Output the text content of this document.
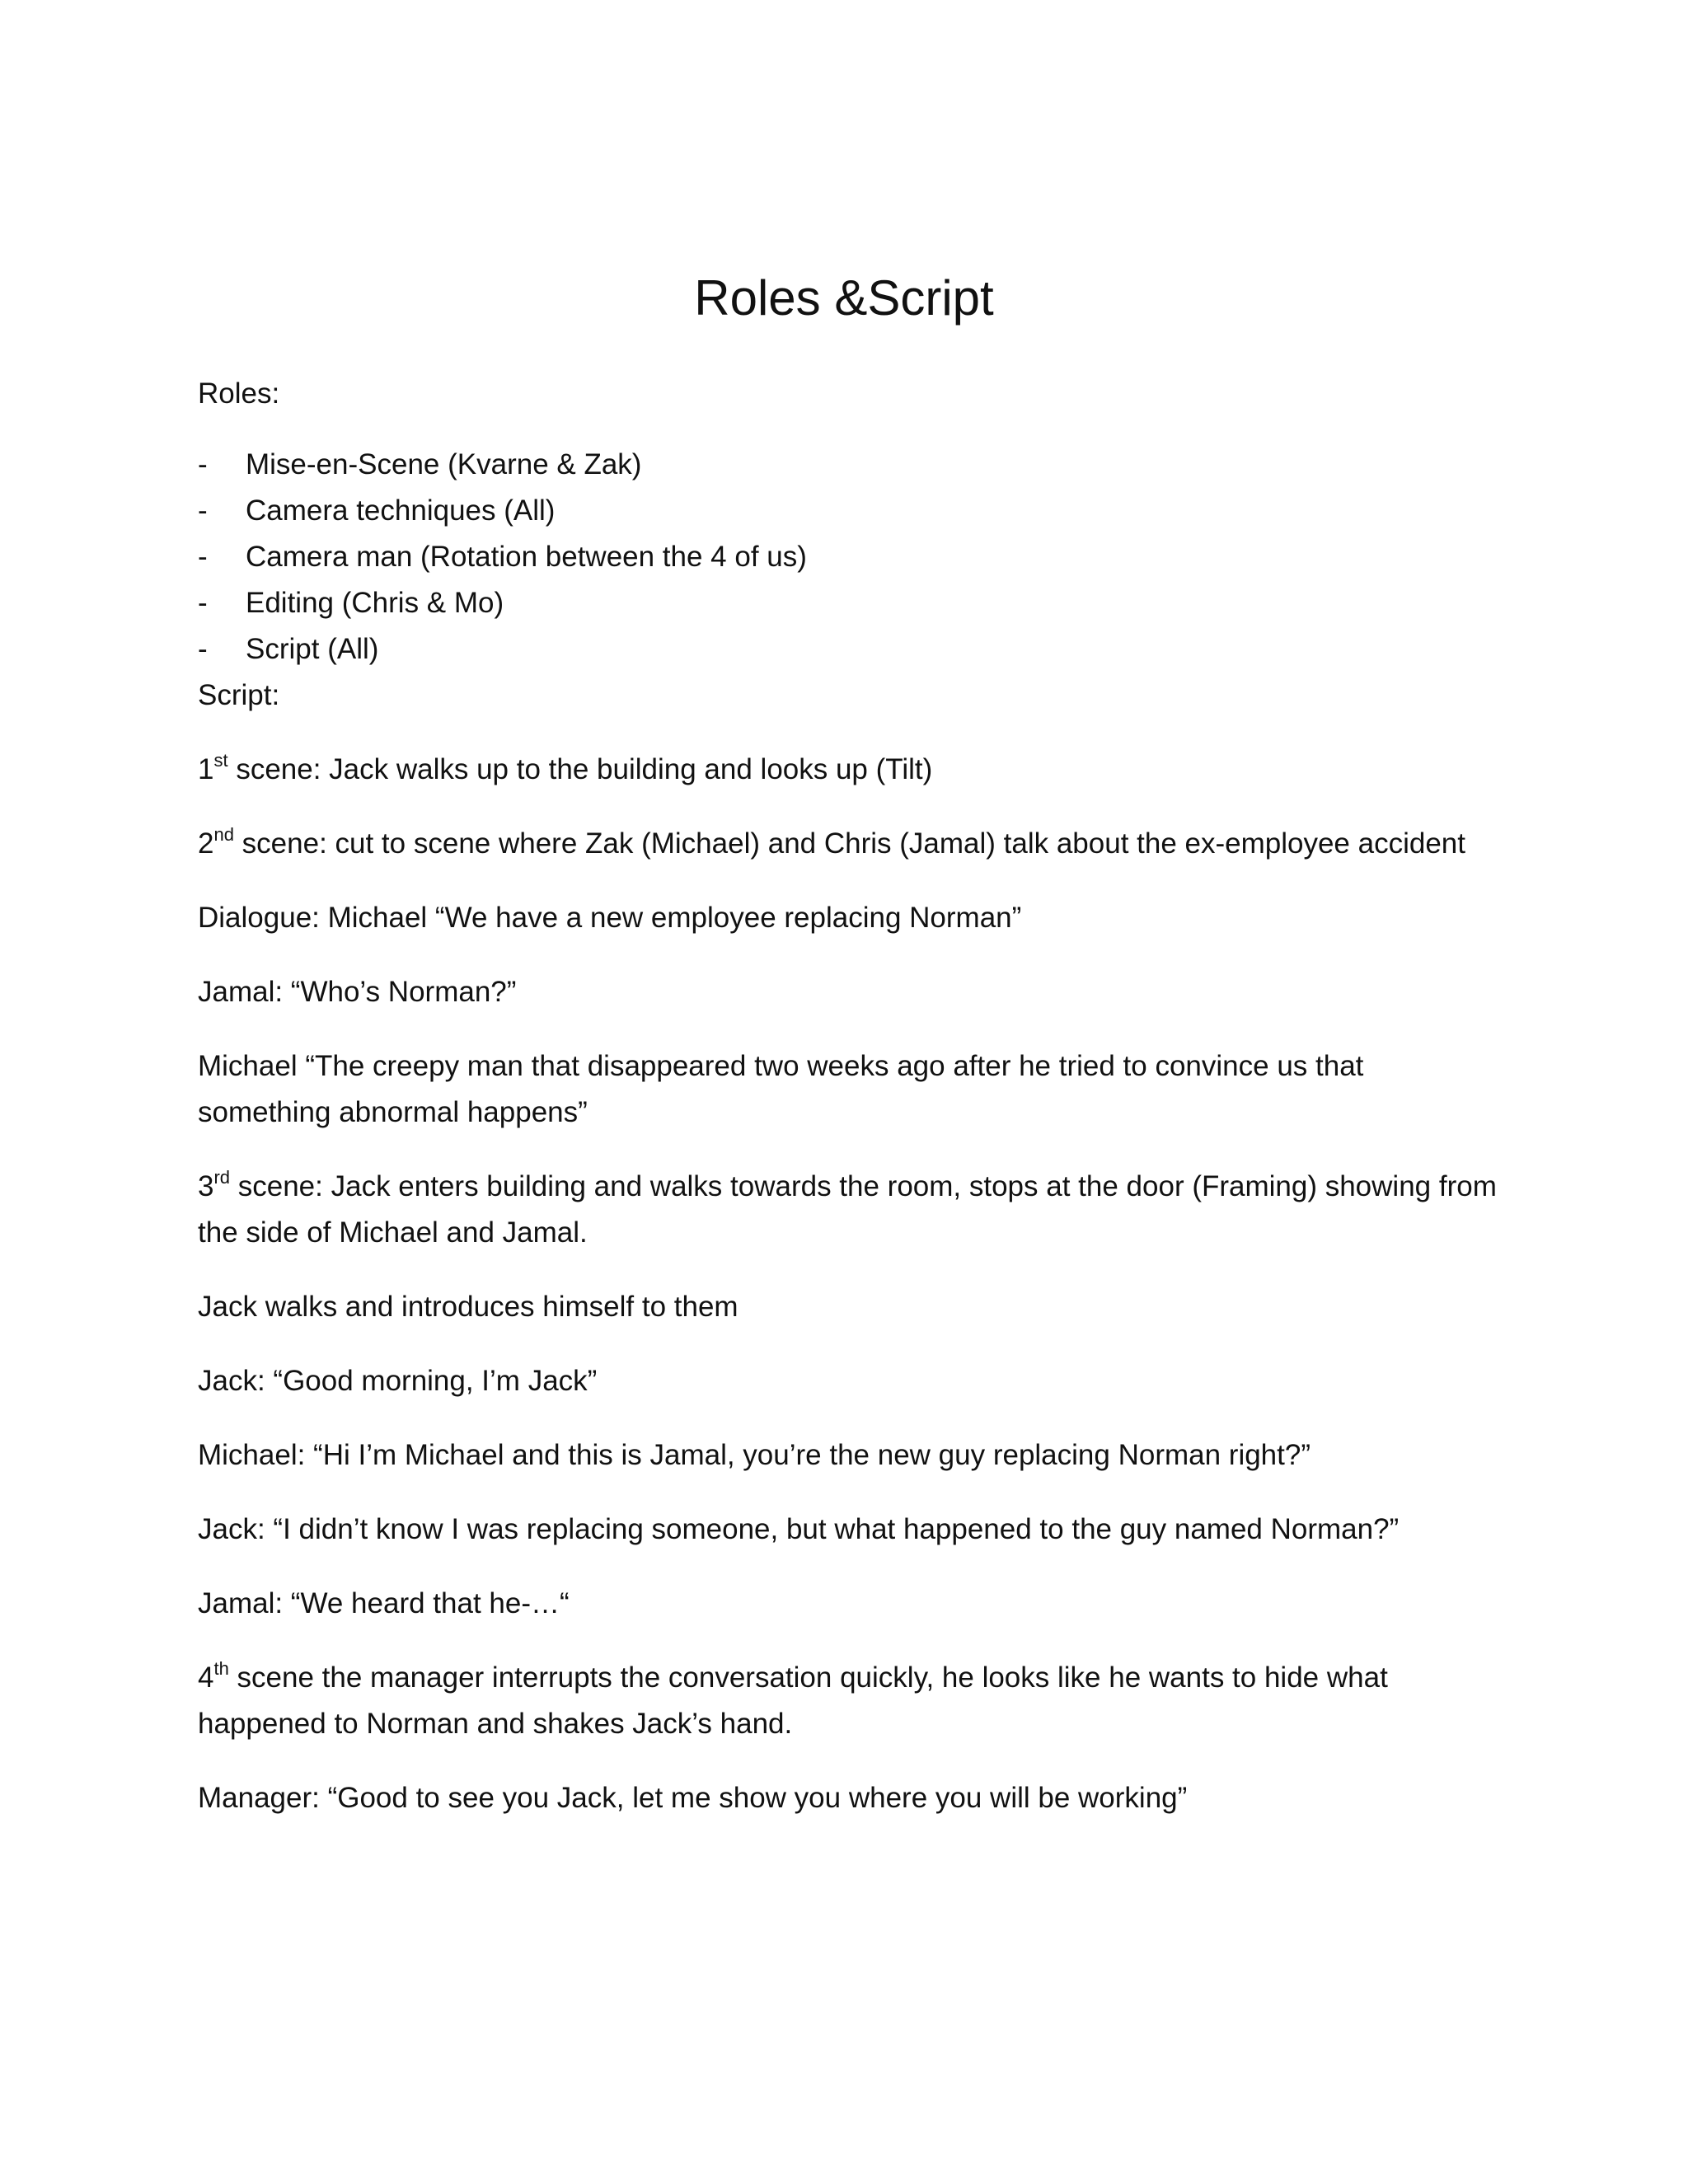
Roles &Script

Roles:

- Mise-en-Scene (Kvarne & Zak)
- Camera techniques (All)
- Camera man (Rotation between the 4 of us)
- Editing (Chris & Mo)
- Script (All)

Script:

1st scene: Jack walks up to the building and looks up (Tilt)

2nd scene: cut to scene where Zak (Michael) and Chris (Jamal) talk about the ex-employee accident

Dialogue: Michael “We have a new employee replacing Norman”

Jamal: “Who’s Norman?”

Michael “The creepy man that disappeared two weeks ago after he tried to convince us that something abnormal happens”

3rd scene: Jack enters building and walks towards the room, stops at the door (Framing) showing from the side of Michael and Jamal.

Jack walks and introduces himself to them

Jack: “Good morning, I’m Jack”

Michael: “Hi I’m Michael and this is Jamal, you’re the new guy replacing Norman right?”

Jack: “I didn’t know I was replacing someone, but what happened to the guy named Norman?”

Jamal: “We heard that he-…“

4th scene the manager interrupts the conversation quickly, he looks like he wants to hide what happened to Norman and shakes Jack’s hand.

Manager: “Good to see you Jack, let me show you where you will be working”
